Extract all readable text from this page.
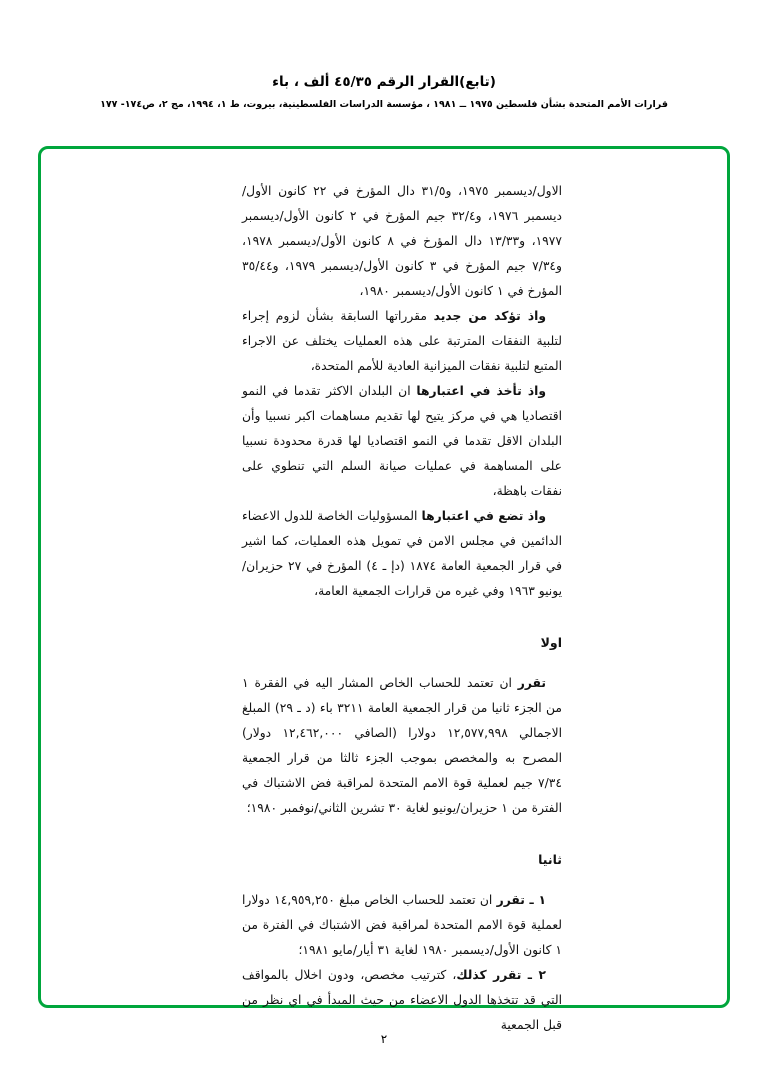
(تابع)القرار الرقم ٤٥/٣٥ ألف ، باء
قرارات الأمم المتحدة بشأن فلسطين ١٩٧٥ ــ ١٩٨١ ، مؤسسة الدراسات الفلسطينية، بيروت، ط ١، ١٩٩٤، مج ٢، ص١٧٤- ١٧٧

الاول/ديسمبر ١٩٧٥، و٣١/٥ دال المؤرخ في ٢٢ كانون الأول/ديسمبر ١٩٧٦، و٣٢/٤ جيم المؤرخ في ٢ كانون الأول/ديسمبر ١٩٧٧، و١٣/٣٣ دال المؤرخ في ٨ كانون الأول/ديسمبر ١٩٧٨، و٧/٣٤ جيم المؤرخ في ٣ كانون الأول/ديسمبر ١٩٧٩، و٣٥/٤٤ المؤرخ في ١ كانون الأول/ديسمبر ١٩٨٠،

واذ تؤكد من جديد مقرراتها السابقة بشأن لزوم إجراء لتلبية النفقات المترتبة على هذه العمليات يختلف عن الاجراء المتبع لتلبية نفقات الميزانية العادية للأمم المتحدة،

واذ تأخذ في اعتبارها ان البلدان الاكثر تقدما في النمو اقتصاديا هي في مركز يتيح لها تقديم مساهمات اكبر نسبيا وأن البلدان الاقل تقدما في النمو اقتصاديا لها قدرة محدودة نسبيا على المساهمة في عمليات صيانة السلم التي تنطوي على نفقات باهظة،

واذ تضع في اعتبارها المسؤوليات الخاصة للدول الاعضاء الدائمين في مجلس الامن في تمويل هذه العمليات، كما اشير في قرار الجمعية العامة ١٨٧٤ (دإ ـ ٤) المؤرخ في ٢٧ حزيران/يونيو ١٩٦٣ وفي غيره من قرارات الجمعية العامة،

اولا

تقرر ان تعتمد للحساب الخاص المشار اليه في الفقرة ١ من الجزء ثانيا من قرار الجمعية العامة ٣٢١١ باء (د ـ ٢٩) المبلغ الاجمالي ١٢,٥٧٧,٩٩٨ دولارا (الصافي ١٢,٤٦٢,٠٠٠ دولار) المصرح به والمخصص بموجب الجزء ثالثا من قرار الجمعية ٧/٣٤ جيم لعملية قوة الامم المتحدة لمراقبة فض الاشتباك في الفترة من ١ حزيران/يونيو لغاية ٣٠ تشرين الثاني/نوفمبر ١٩٨٠؛

ثانيا

١ ـ تقرر ان تعتمد للحساب الخاص مبلغ ١٤,٩٥٩,٢٥٠ دولارا لعملية قوة الامم المتحدة لمراقبة فض الاشتباك في الفترة من ١ كانون الأول/ديسمبر ١٩٨٠ لغاية ٣١ أيار/مايو ١٩٨١؛

٢ ـ تقرر كذلك، كترتيب مخصص، ودون اخلال بالمواقف التي قد تتخذها الدول الاعضاء من حيث المبدأ في اي نظر من قبل الجمعية

٢
